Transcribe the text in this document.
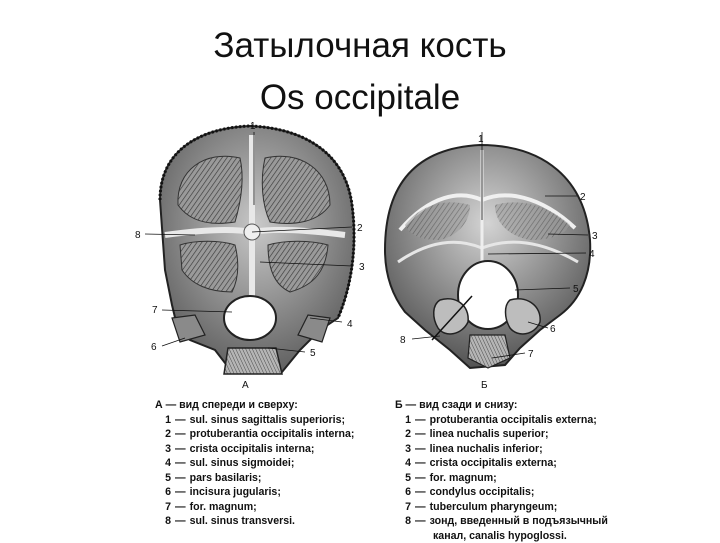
Затылочная кость
Os occipitale
1
2
3
4
5
6
7
8
А
1
2
3
4
5
6
7
8
Б
А — вид спереди и сверху:
1 — sul. sinus sagittalis superioris;
2 — protuberantia occipitalis interna;
3 — crista occipitalis interna;
4 — sul. sinus sigmoidei;
5 — pars basilaris;
6 — incisura jugularis;
7 — for. magnum;
8 — sul. sinus transversi.
Б — вид сзади и снизу:
1 — protuberantia occipitalis externa;
2 — linea nuchalis superior;
3 — linea nuchalis inferior;
4 — crista occipitalis externa;
5 — for. magnum;
6 — condylus occipitalis;
7 — tuberculum pharyngeum;
8 — зонд, введенный в подъязычный
канал, canalis hypoglossi.
